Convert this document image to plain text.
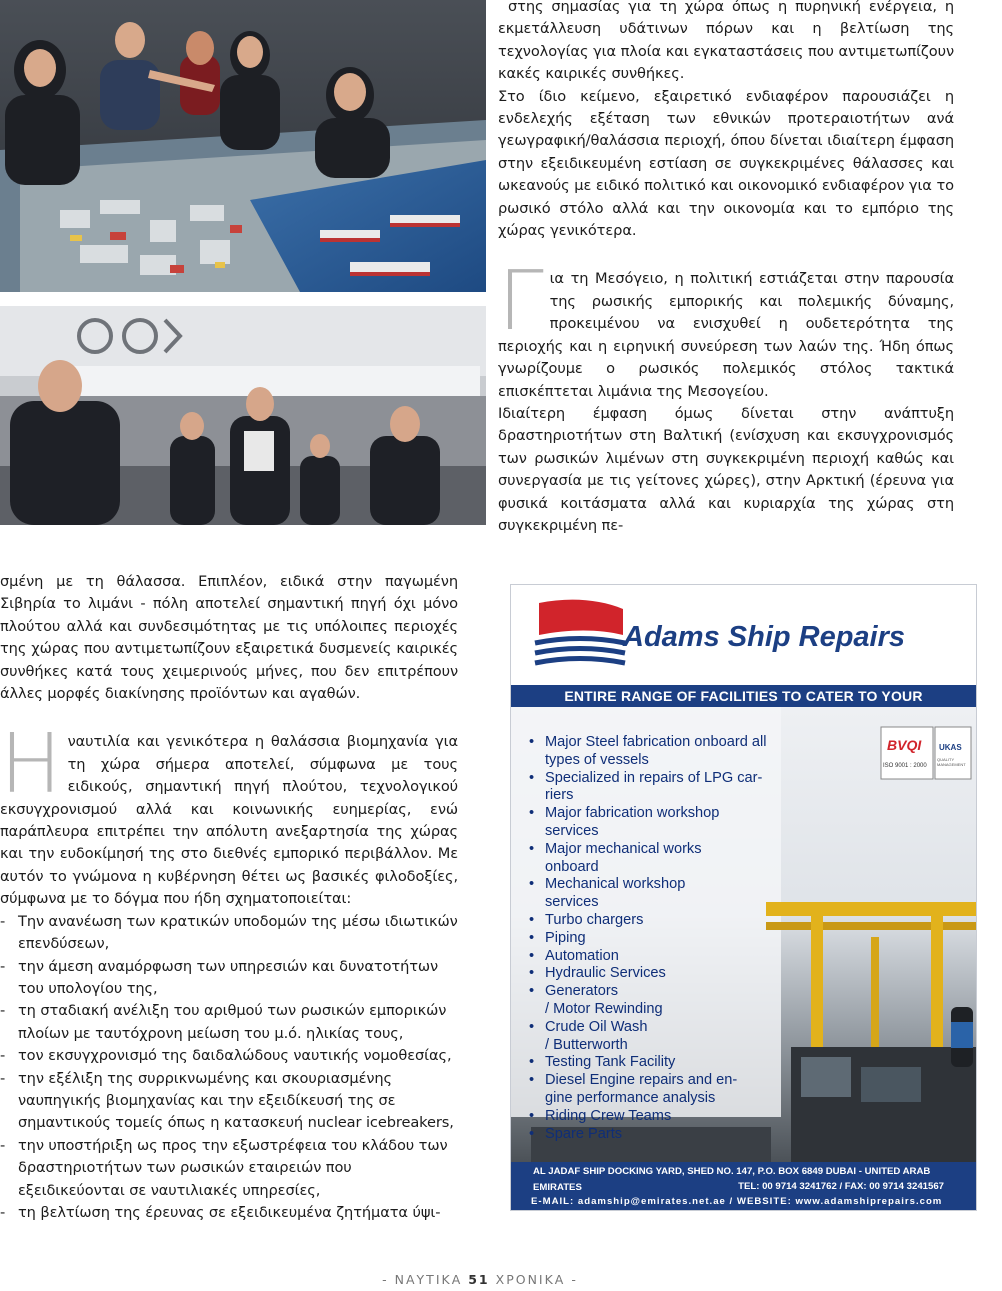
στης σημασίας για τη χώρα όπως η πυρηνική ενέργεια, η εκμετάλλευση υδάτινων πόρων και η βελτίωση της τεχνολογίας για πλοία και εγκαταστάσεις που αντιμετωπίζουν κακές καιρικές συνθήκες.

Στο ίδιο κείμενο, εξαιρετικό ενδιαφέρον παρουσιάζει η ενδελεχής εξέταση των εθνικών προτεραιοτήτων ανά γεωγραφική/θαλάσσια περιοχή, όπου δίνεται ιδιαίτερη έμφαση στην εξειδικευμένη εστίαση σε συγκεκριμένες θάλασσες και ωκεανούς με ειδικό πολιτικό και οικονομικό ενδιαφέρον για το ρωσικό στόλο αλλά και την οικονομία και το εμπόριο της χώρας γενικότερα.

Για τη Μεσόγειο, η πολιτική εστιάζεται στην παρουσία της ρωσικής εμπορικής και πολεμικής δύναμης, προκειμένου να ενισχυθεί η ουδετερότητα της περιοχής και η ειρηνική συνεύρεση των λαών της. Ήδη όπως γνωρίζουμε ο ρωσικός πολεμικός στόλος τακτικά επισκέπτεται λιμάνια της Μεσογείου.

Ιδιαίτερη έμφαση όμως δίνεται στην ανάπτυξη δραστηριοτήτων στη Βαλτική (ενίσχυση και εκσυγχρονισμός των ρωσικών λιμένων στη συγκεκριμένη περιοχή καθώς και συνεργασία με τις γείτονες χώρες), στην Αρκτική (έρευνα για φυσικά κοιτάσματα αλλά και κυριαρχία της χώρας στη συγκεκριμένη πε-

σμένη με τη θάλασσα. Επιπλέον, ειδικά στην παγωμένη Σιβηρία το λιμάνι - πόλη αποτελεί σημαντική πηγή όχι μόνο πλούτου αλλά και συνδεσιμότητας με τις υπόλοιπες περιοχές της χώρας που αντιμετωπίζουν εξαιρετικά δυσμενείς καιρικές συνθήκες κατά τους χειμερινούς μήνες, που δεν επιτρέπουν άλλες μορφές διακίνησης προϊόντων και αγαθών.

Ηναυτιλία και γενικότερα η θαλάσσια βιομηχανία για τη χώρα σήμερα αποτελεί, σύμφωνα με τους ειδικούς, σημαντική πηγή πλούτου, τεχνολογικού εκσυγχρονισμού αλλά και κοινωνικής ευημερίας, ενώ παράπλευρα επιτρέπει την απόλυτη ανεξαρτησία της χώρας και την ευδοκίμησή της στο διεθνές εμπορικό περιβάλλον. Με αυτόν το γνώμονα η κυβέρνηση θέτει ως βασικές φιλοδοξίες, σύμφωνα με το δόγμα που ήδη σχηματοποιείται:

- Την ανανέωση των κρατικών υποδομών της μέσω ιδιωτικών επενδύσεων,
- την άμεση αναμόρφωση των υπηρεσιών και δυνατοτήτων του υπολογίου της,
- τη σταδιακή ανέλιξη του αριθμού των ρωσικών εμπορικών πλοίων με ταυτόχρονη μείωση του μ.ό. ηλικίας τους,
- τον εκσυγχρονισμό της δαιδαλώδους ναυτικής νομοθεσίας,
- την εξέλιξη της συρρικνωμένης και σκουριασμένης ναυπηγικής βιομηχανίας και την εξειδίκευσή της σε σημαντικούς τομείς όπως η κατασκευή nuclear icebreakers,
- την υποστήριξη ως προς την εξωστρέφεια του κλάδου των δραστηριοτήτων των ρωσικών εταιρειών που εξειδικεύονται σε ναυτιλιακές υπηρεσίες,
- τη βελτίωση της έρευνας σε εξειδικευμένα ζητήματα ύψι-
Adams Ship Repairs
ENTIRE RANGE OF FACILITIES TO CATER TO YOUR
BVQI
ISO 9001 : 2000
UKAS
QUALITY MANAGEMENT
• Major Steel fabrication onboard all
types of vessels
• Specialized in repairs of LPG car-
riers
• Major fabrication workshop
services
• Major mechanical works
onboard
• Mechanical workshop
services
• Turbo chargers
• Piping
• Automation
• Hydraulic Services
• Generators
/ Motor Rewinding
• Crude Oil Wash
/ Butterworth
• Testing Tank Facility
• Diesel Engine repairs and en-
gine performance analysis
• Riding Crew Teams
• Spare Parts
AL JADAF SHIP DOCKING YARD, SHED NO. 147, P.O. BOX 6849 DUBAI - UNITED ARAB EMIRATES	TEL: 00 9714 3241762 / FAX: 00 9714 3241567
E-MAIL: adamship@emirates.net.ae / WEBSITE: www.adamshiprepairs.com
- ΝΑΥΤΙΚΑ 51 ΧΡΟΝΙΚΑ -
